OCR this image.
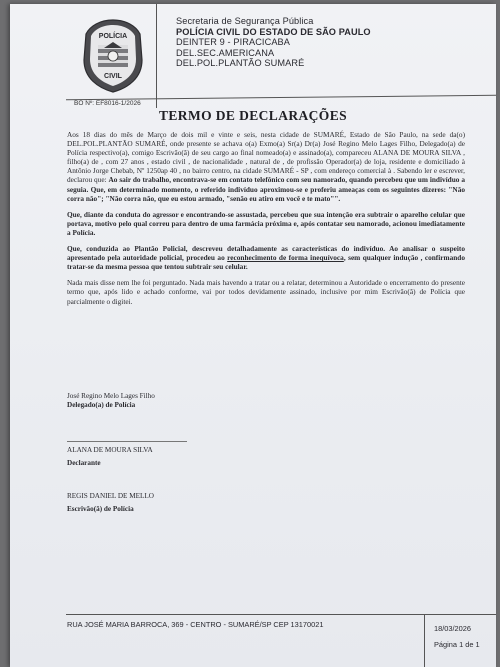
POLÍCIA
CIVIL
Secretaria de Segurança Pública
POLÍCIA CIVIL DO ESTADO DE SÃO PAULO
DEINTER 9 - PIRACICABA
DEL.SEC.AMERICANA
DEL.POL.PLANTÃO SUMARÉ
BO Nº: EF8016-1/2026
TERMO DE DECLARAÇÕES

Aos 18 dias do mês de Março de dois mil e vinte e seis, nesta cidade de SUMARÉ, Estado de São Paulo, na sede da(o) DEL.POL.PLANTÃO SUMARÉ, onde presente se achava o(a) Exmo(a) Sr(a) Dr(a) José Regino Melo Lages Filho, Delegado(a) de Polícia respectivo(a), comigo Escrivão(ã) de seu cargo ao final nomeado(a) e assinado(a), compareceu ALANA DE MOURA SILVA , filho(a) de , com 27 anos , estado civil , de nacionalidade , natural de , de profissão Operador(a) de loja, residente e domiciliado à Antônio Jorge Chebab, Nº 1250ap 40 , no bairro centro, na cidade SUMARÉ - SP , com endereço comercial à . Sabendo ler e escrever, declarou que: Ao sair do trabalho, encontrava-se em contato telefônico com seu namorado, quando percebeu que um indivíduo a seguia. Que, em determinado momento, o referido indivíduo aproximou-se e proferiu ameaças com os seguintes dizeres: "Não corra não"; "Não corra não, que eu estou armado, "senão eu atiro em você e te mato"".

Que, diante da conduta do agressor e encontrando-se assustada, percebeu que sua intenção era subtrair o aparelho celular que portava, motivo pelo qual correu para dentro de uma farmácia próxima e, após contatar seu namorado, acionou imediatamente a Polícia.

Que, conduzida ao Plantão Policial, descreveu detalhadamente as características do indivíduo. Ao analisar o suspeito apresentado pela autoridade policial, procedeu ao reconhecimento de forma inequívoca, sem qualquer indução , confirmando tratar-se da mesma pessoa que tentou subtrair seu celular.

Nada mais disse nem lhe foi perguntado. Nada mais havendo a tratar ou a relatar, determinou a Autoridade o encerramento do presente termo que, após lido e achado conforme, vai por todos devidamente assinado, inclusive por mim Escrivão(ã) de Polícia que parcialmente o digitei.

José Regino Melo Lages Filho
Delegado(a) de Polícia
ALANA DE MOURA SILVA
Declarante
REGIS DANIEL DE MELLO
Escrivão(ã) de Polícia
RUA JOSÉ MARIA BARROCA, 369 - CENTRO - SUMARÉ/SP CEP 13170021	18/03/2026
Página 1 de 1
